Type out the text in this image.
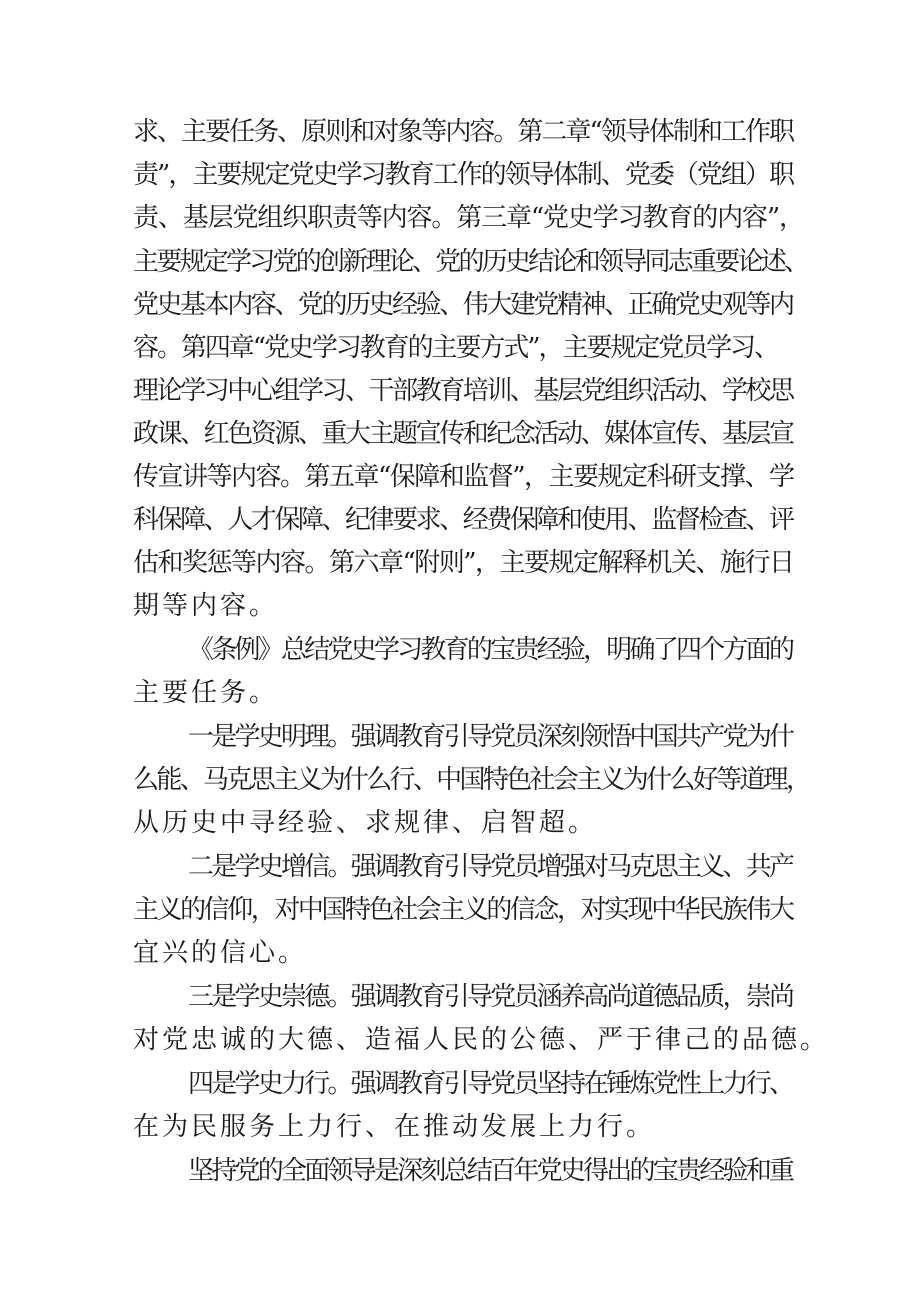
求、主要任务、原则和对象等内容。第二章“领导体制和工作职
责”，主要规定党史学习教育工作的领导体制、党委（党组）职
责、基层党组织职责等内容。第三章“党史学习教育的内容”，
主要规定学习党的创新理论、党的历史结论和领导同志重要论述、
党史基本内容、党的历史经验、伟大建党精神、正确党史观等内
容。第四章“党史学习教育的主要方式”，主要规定党员学习、
理论学习中心组学习、干部教育培训、基层党组织活动、学校思
政课、红色资源、重大主题宣传和纪念活动、媒体宣传、基层宣
传宣讲等内容。第五章“保障和监督”，主要规定科研支撑、学
科保障、人才保障、纪律要求、经费保障和使用、监督检查、评
估和奖惩等内容。第六章“附则”，主要规定解释机关、施行日
期等内容。
《条例》总结党史学习教育的宝贵经验，明确了四个方面的
主要任务。
一是学史明理。强调教育引导党员深刻领悟中国共产党为什
么能、马克思主义为什么行、中国特色社会主义为什么好等道理，
从历史中寻经验、求规律、启智超。
二是学史增信。强调教育引导党员增强对马克思主义、共产
主义的信仰，对中国特色社会主义的信念，对实现中华民族伟大
宜兴的信心。
三是学史崇德。强调教育引导党员涵养高尚道德品质，崇尚
对党忠诚的大德、造福人民的公德、严于律己的品德。
四是学史力行。强调教育引导党员坚持在锤炼党性上力行、
在为民服务上力行、在推动发展上力行。
坚持党的全面领导是深刻总结百年党史得出的宝贵经验和重
